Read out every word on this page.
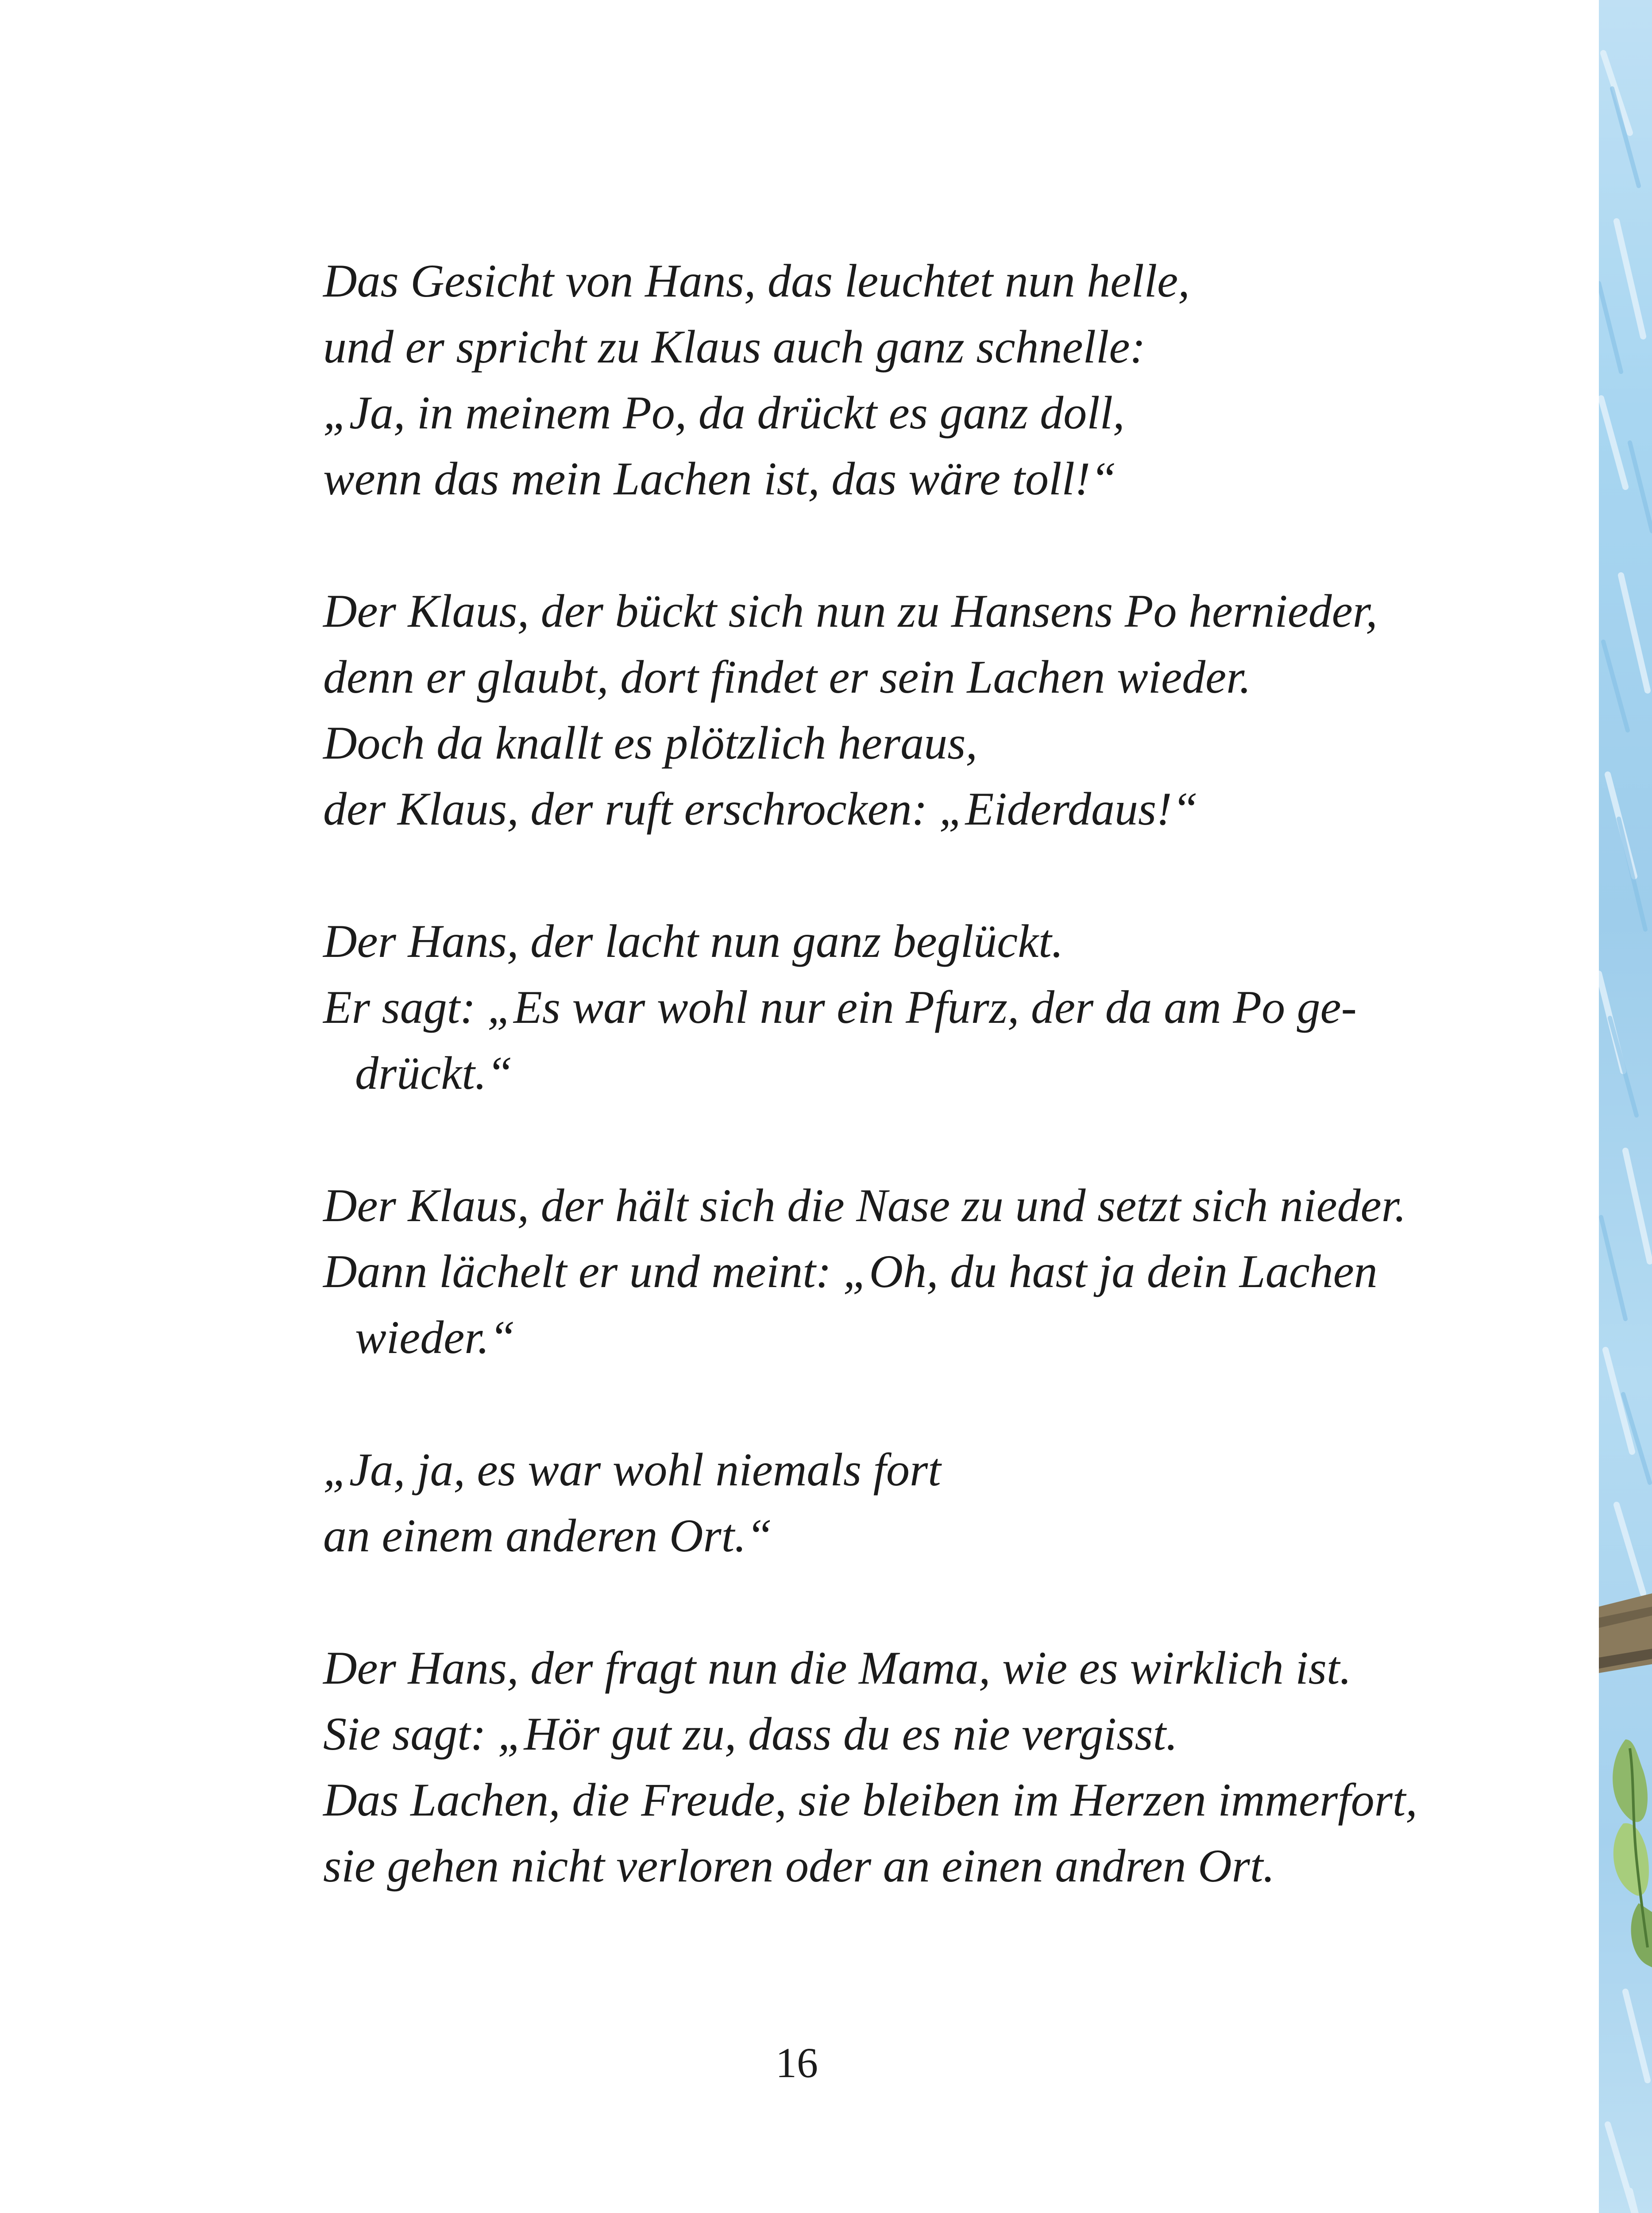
Das Gesicht von Hans, das leuchtet nun helle,
und er spricht zu Klaus auch ganz schnelle:
„Ja, in meinem Po, da drückt es ganz doll,
wenn das mein Lachen ist, das wäre toll!“
Der Klaus, der bückt sich nun zu Hansens Po hernieder,
denn er glaubt, dort findet er sein Lachen wieder.
Doch da knallt es plötzlich heraus,
der Klaus, der ruft erschrocken: „Eiderdaus!“
Der Hans, der lacht nun ganz beglückt.
Er sagt: „Es war wohl nur ein Pfurz, der da am Po ge-
drückt.“
Der Klaus, der hält sich die Nase zu und setzt sich nieder.
Dann lächelt er und meint: „Oh, du hast ja dein Lachen
wieder.“
„Ja, ja, es war wohl niemals fort
an einem anderen Ort.“
Der Hans, der fragt nun die Mama, wie es wirklich ist.
Sie sagt: „Hör gut zu, dass du es nie vergisst.
Das Lachen, die Freude, sie bleiben im Herzen immerfort,
sie gehen nicht verloren oder an einen andren Ort.
16
